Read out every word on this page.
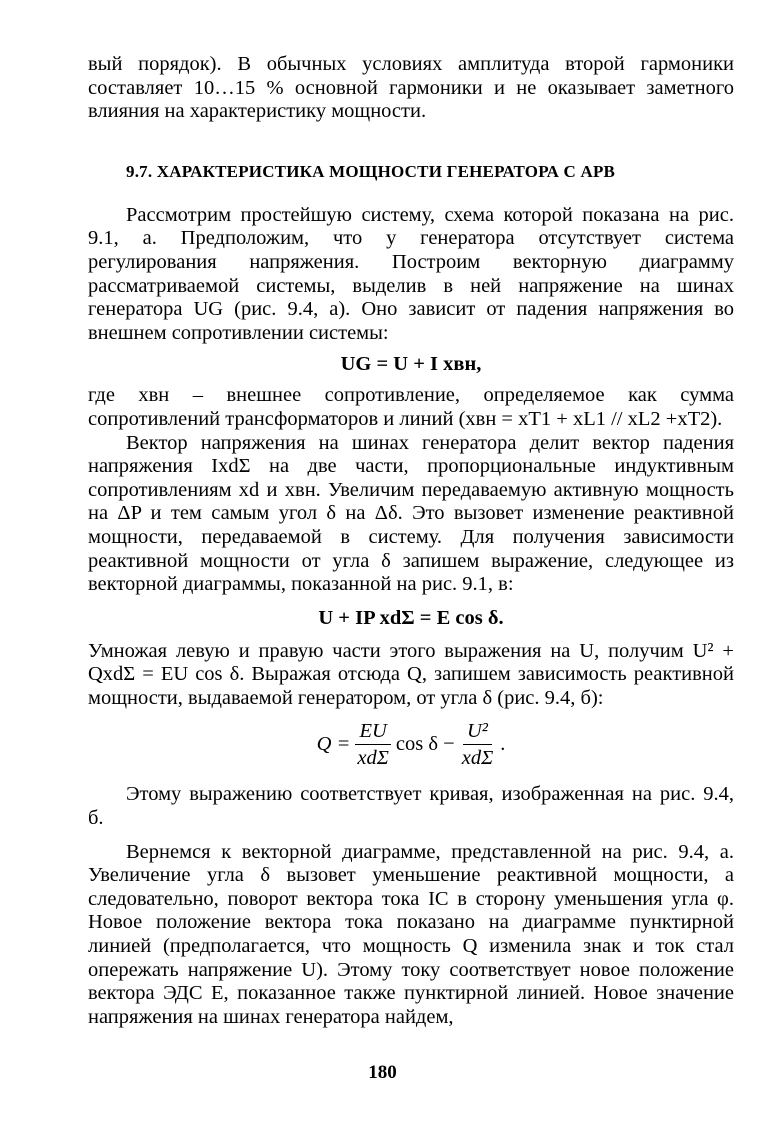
вый порядок). В обычных условиях амплитуда второй гармоники составляет 10…15 % основной гармоники и не оказывает заметного влияния на характеристику мощности.

9.7. ХАРАКТЕРИСТИКА МОЩНОСТИ ГЕНЕРАТОРА С АРВ

Рассмотрим простейшую систему, схема которой показана на рис. 9.1, а. Предположим, что у генератора отсутствует система регулирования напряжения. Построим векторную диаграмму рассматриваемой системы, выделив в ней напряжение на шинах генератора UG (рис. 9.4, а). Оно зависит от падения напряжения во внешнем сопротивлении системы:

UG = U + I xвн,

где xвн – внешнее сопротивление, определяемое как сумма сопротивлений трансформаторов и линий (xвн = xT1 + xL1 // xL2 +xT2).

Вектор напряжения на шинах генератора делит вектор падения напряжения IxdΣ на две части, пропорциональные индуктивным сопротивлениям xd и xвн. Увеличим передаваемую активную мощность на ΔP и тем самым угол δ на Δδ. Это вызовет изменение реактивной мощности, передаваемой в систему. Для получения зависимости реактивной мощности от угла δ запишем выражение, следующее из векторной диаграммы, показанной на рис. 9.1, в:

U + IP xdΣ = E cos δ.

Умножая левую и правую части этого выражения на U, получим U² + QxdΣ = EU cos δ. Выражая отсюда Q, запишем зависимость реактивной мощности, выдаваемой генератором, от угла δ (рис. 9.4, б):

$Q = \frac{EU}{\text{xdΣ}}$ $\cos \delta - \frac{\text{U²}}{\text{xdΣ}}$ .

Этому выражению соответствует кривая, изображенная на рис. 9.4, б.

Вернемся к векторной диаграмме, представленной на рис. 9.4, а. Увеличение угла δ вызовет уменьшение реактивной мощности, а следовательно, поворот вектора тока IC в сторону уменьшения угла φ. Новое положение вектора тока показано на диаграмме пунктирной линией (предполагается, что мощность Q изменила знак и ток стал опережать напряжение U). Этому току соответствует новое положение вектора ЭДС E, показанное также пунктирной линией. Новое значение напряжения на шинах генератора найдем,

180
